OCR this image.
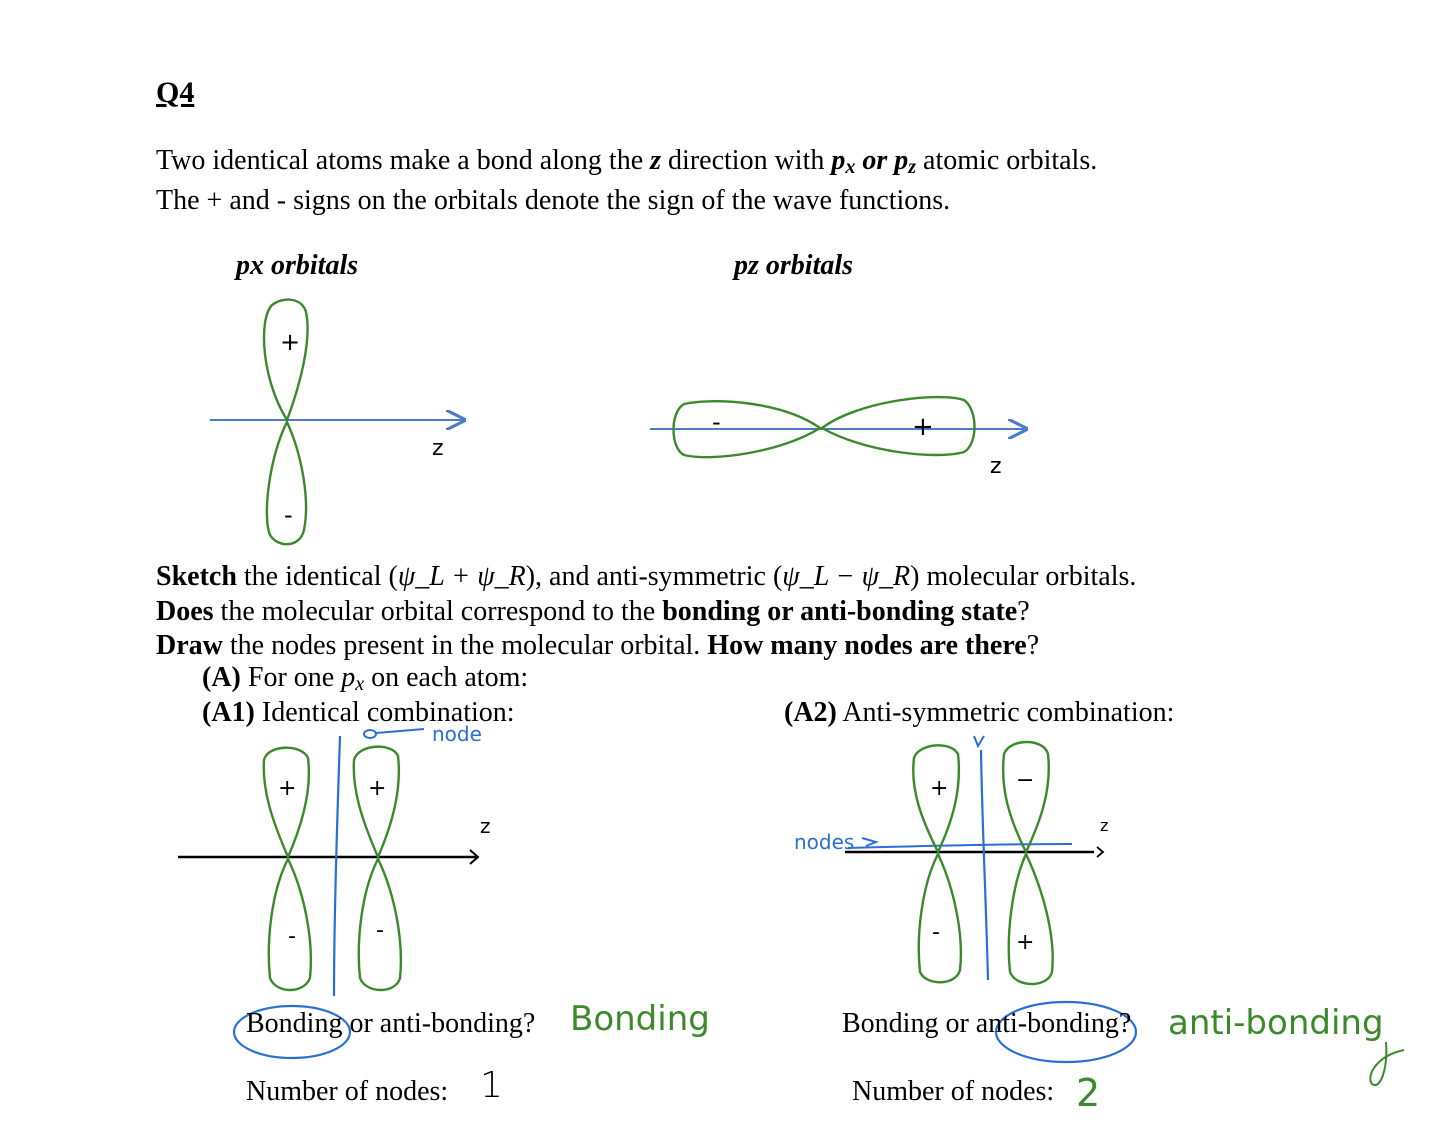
Q4

Two identical atoms make a bond along the z direction with $p_x$ or $p_z$ atomic orbitals.

The + and - signs on the orbitals denote the sign of the wave functions.

px orbitals	pz orbitals
+
-
z
+
-
z

Sketch the identical (ψ_L + ψ_R), and anti-symmetric (ψ_L − ψ_R) molecular orbitals.

Does the molecular orbital correspond to the bonding or anti-bonding state?

Draw the nodes present in the molecular orbital. How many nodes are there?

(A) For one $p_x$ on each atom:
(A1) Identical combination:	(A2) Anti-symmetric combination:
+	+
-	-
z
node
+	−
-	+
z
nodes
Bonding or anti-bonding? Bonding
Number of nodes: 1
Bonding or anti-bonding? anti-bonding
Number of nodes: 2
